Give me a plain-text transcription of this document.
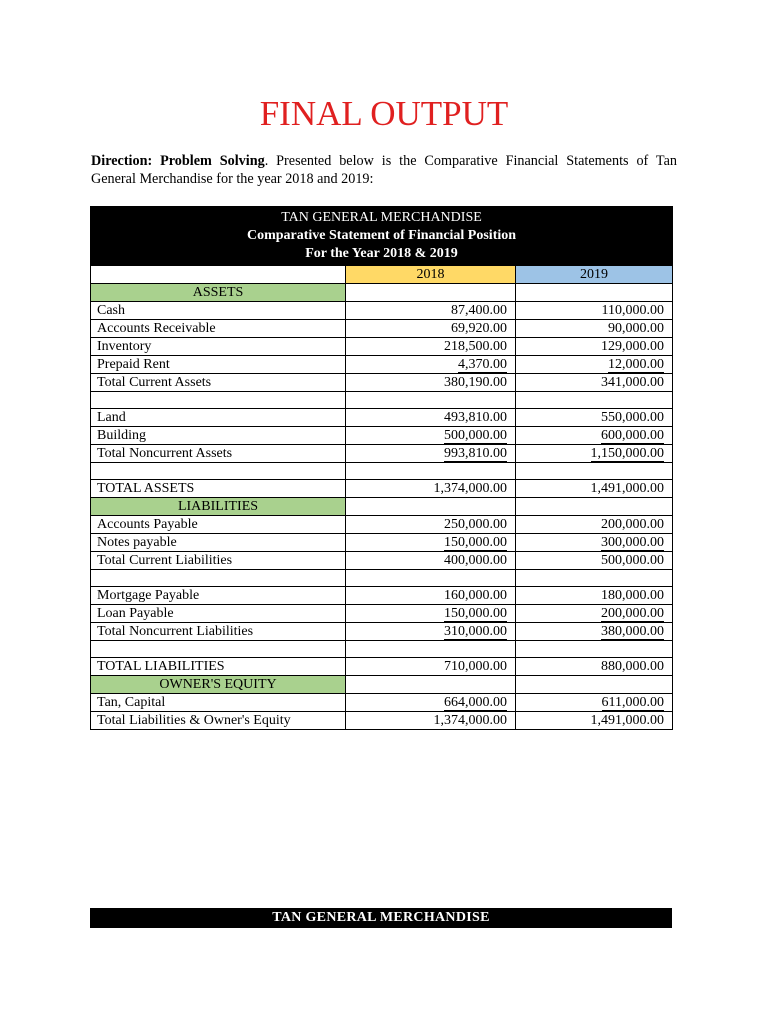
FINAL OUTPUT
Direction: Problem Solving. Presented below is the Comparative Financial Statements of Tan General Merchandise for the year 2018 and 2019:
TAN GENERAL MERCHANDISE
Comparative Statement of Financial Position
For the Year 2018 & 2019		

	2018	2019
ASSETS		
Cash	87,400.00	110,000.00
Accounts Receivable	69,920.00	90,000.00
Inventory	218,500.00	129,000.00
Prepaid Rent	4,370.00	12,000.00
Total Current Assets	380,190.00	341,000.00

Land	493,810.00	550,000.00
Building	500,000.00	600,000.00
Total Noncurrent Assets	993,810.00	1,150,000.00

TOTAL ASSETS	1,374,000.00	1,491,000.00
LIABILITIES		
Accounts Payable	250,000.00	200,000.00
Notes payable	150,000.00	300,000.00
Total Current Liabilities	400,000.00	500,000.00

Mortgage Payable	160,000.00	180,000.00
Loan Payable	150,000.00	200,000.00
Total Noncurrent Liabilities	310,000.00	380,000.00

TOTAL LIABILITIES	710,000.00	880,000.00
OWNER'S EQUITY		
Tan, Capital	664,000.00	611,000.00
Total Liabilities & Owner's Equity	1,374,000.00	1,491,000.00
TAN GENERAL MERCHANDISE
